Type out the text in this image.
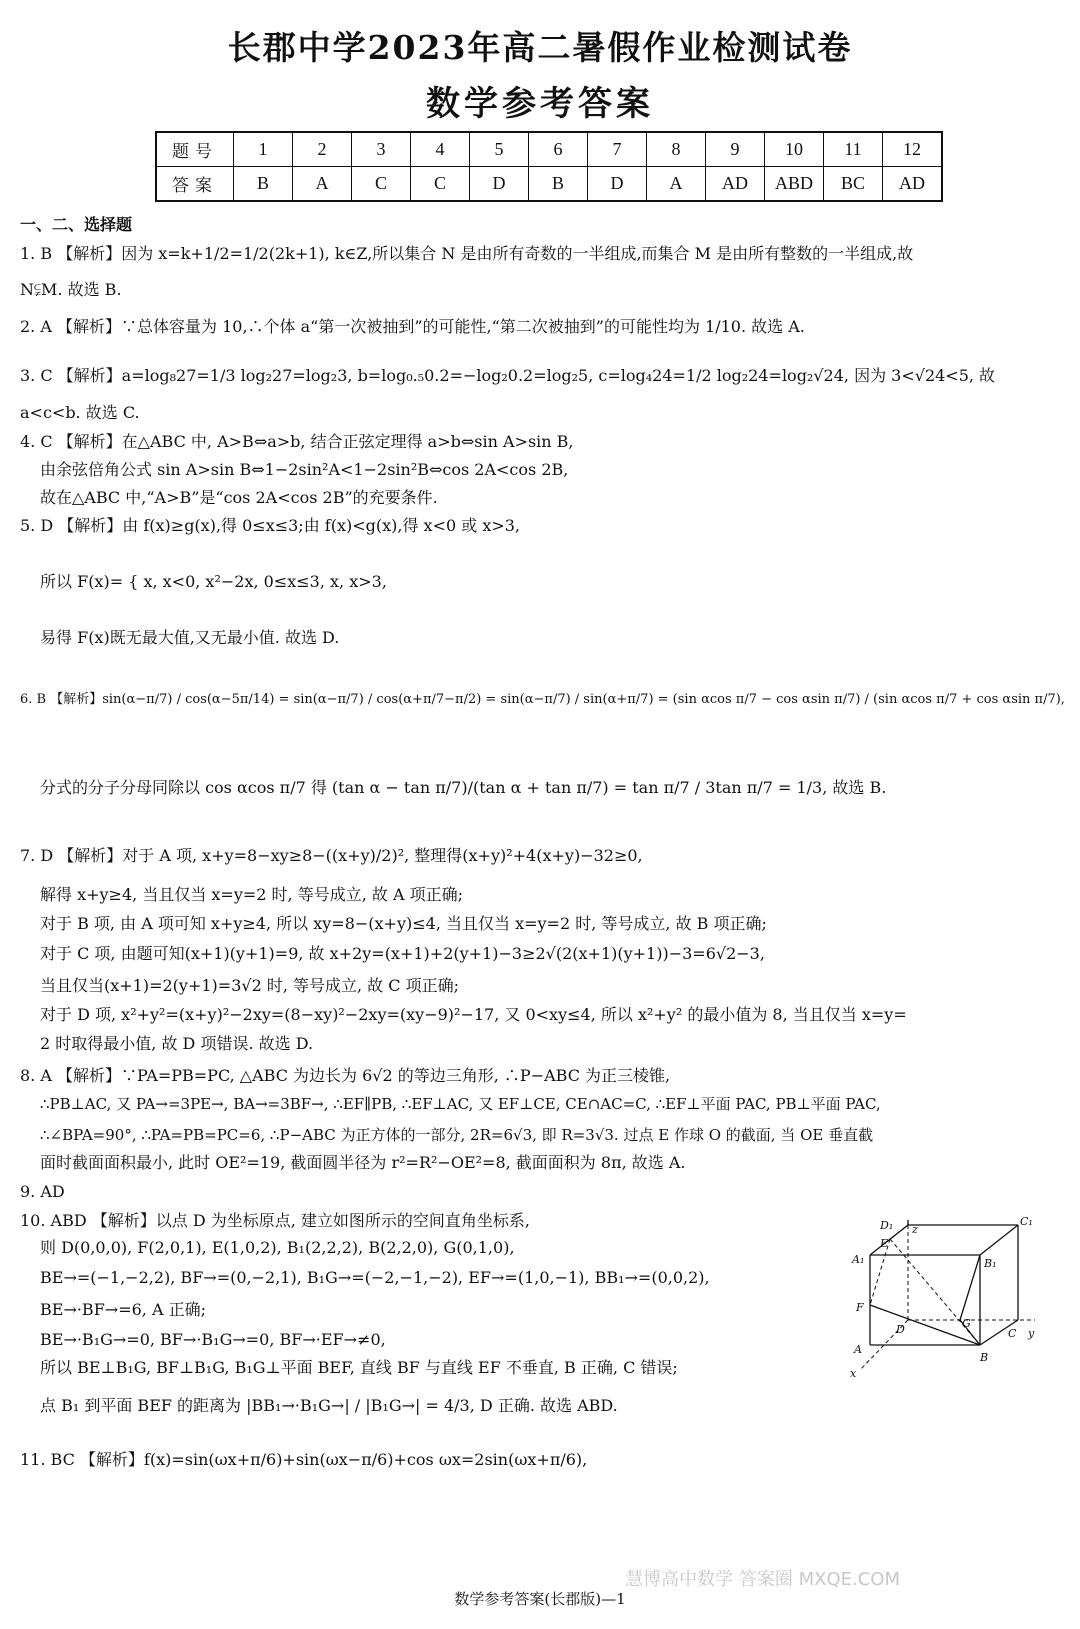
长郡中学2023年高二暑假作业检测试卷
数学参考答案
题号	1	2	3	4	5	6	7	8	9	10	11	12
答案	B	A	C	C	D	B	D	A	AD	ABD	BC	AD
一、二、选择题
1. B 【解析】因为 x=k+1/2=1/2(2k+1), k∈Z,所以集合 N 是由所有奇数的一半组成,而集合 M 是由所有整数的一半组成,故
N⫋M. 故选 B.
2. A 【解析】∵总体容量为 10,∴个体 a“第一次被抽到”的可能性,“第二次被抽到”的可能性均为 1/10. 故选 A.
3. C 【解析】a=log₈27=1/3 log₂27=log₂3, b=log₀.₅0.2=−log₂0.2=log₂5, c=log₄24=1/2 log₂24=log₂√24, 因为 3<√24<5, 故
a<c<b. 故选 C.
4. C 【解析】在△ABC 中, A>B⇔a>b, 结合正弦定理得 a>b⇔sin A>sin B,
由余弦倍角公式 sin A>sin B⇔1−2sin²A<1−2sin²B⇔cos 2A<cos 2B,
故在△ABC 中,“A>B”是“cos 2A<cos 2B”的充要条件.
5. D 【解析】由 f(x)≥g(x),得 0≤x≤3;由 f(x)<g(x),得 x<0 或 x>3,
所以 F(x)= { x, x<0, x²−2x, 0≤x≤3, x, x>3,
易得 F(x)既无最大值,又无最小值. 故选 D.
6. B 【解析】sin(α−π/7) / cos(α−5π/14) = sin(α−π/7) / cos(α+π/7−π/2) = sin(α−π/7) / sin(α+π/7) = (sin αcos π/7 − cos αsin π/7) / (sin αcos π/7 + cos αsin π/7),
分式的分子分母同除以 cos αcos π/7 得 (tan α − tan π/7)/(tan α + tan π/7) = tan π/7 / 3tan π/7 = 1/3, 故选 B.
7. D 【解析】对于 A 项, x+y=8−xy≥8−((x+y)/2)², 整理得(x+y)²+4(x+y)−32≥0,
解得 x+y≥4, 当且仅当 x=y=2 时, 等号成立, 故 A 项正确;
对于 B 项, 由 A 项可知 x+y≥4, 所以 xy=8−(x+y)≤4, 当且仅当 x=y=2 时, 等号成立, 故 B 项正确;
对于 C 项, 由题可知(x+1)(y+1)=9, 故 x+2y=(x+1)+2(y+1)−3≥2√(2(x+1)(y+1))−3=6√2−3,
当且仅当(x+1)=2(y+1)=3√2 时, 等号成立, 故 C 项正确;
对于 D 项, x²+y²=(x+y)²−2xy=(8−xy)²−2xy=(xy−9)²−17, 又 0<xy≤4, 所以 x²+y² 的最小值为 8, 当且仅当 x=y=
2 时取得最小值, 故 D 项错误. 故选 D.
8. A 【解析】∵PA=PB=PC, △ABC 为边长为 6√2 的等边三角形, ∴P−ABC 为正三棱锥,
∴PB⊥AC, 又 PA→=3PE→, BA→=3BF→, ∴EF∥PB, ∴EF⊥AC, 又 EF⊥CE, CE∩AC=C, ∴EF⊥平面 PAC, PB⊥平面 PAC,
∴∠BPA=90°, ∴PA=PB=PC=6, ∴P−ABC 为正方体的一部分, 2R=6√3, 即 R=3√3. 过点 E 作球 O 的截面, 当 OE 垂直截
面时截面面积最小, 此时 OE²=19, 截面圆半径为 r²=R²−OE²=8, 截面面积为 8π, 故选 A.
9. AD
10. ABD 【解析】以点 D 为坐标原点, 建立如图所示的空间直角坐标系,
则 D(0,0,0), F(2,0,1), E(1,0,2), B₁(2,2,2), B(2,2,0), G(0,1,0),
BE→=(−1,−2,2), BF→=(0,−2,1), B₁G→=(−2,−1,−2), EF→=(1,0,−1), BB₁→=(0,0,2),
BE→·BF→=6, A 正确;
BE→·B₁G→=0, BF→·B₁G→=0, BF→·EF→≠0,
所以 BE⊥B₁G, BF⊥B₁G, B₁G⊥平面 BEF, 直线 BF 与直线 EF 不垂直, B 正确, C 错误;
点 B₁ 到平面 BEF 的距离为 |BB₁→·B₁G→| / |B₁G→| = 4/3, D 正确. 故选 ABD.
11. BC 【解析】f(x)=sin(ωx+π/6)+sin(ωx−π/6)+cos ωx=2sin(ωx+π/6),
D₁ z
C₁
E
A₁	B₁
F
G
D	C y
A
B
x
慧博高中数学 答案圈 MXQE.COM
数学参考答案(长郡版)—1
